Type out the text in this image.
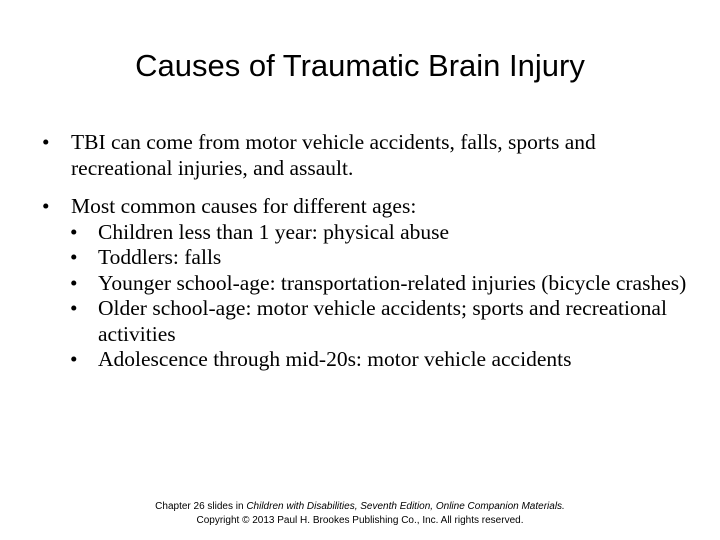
Causes of Traumatic Brain Injury
• TBI can come from motor vehicle accidents, falls, sports and recreational injuries, and assault.
• Most common causes for different ages:
• Children less than 1 year: physical abuse
• Toddlers: falls
• Younger school-age: transportation-related injuries (bicycle crashes)
• Older school-age: motor vehicle accidents; sports and recreational activities
• Adolescence through mid-20s: motor vehicle accidents
Chapter 26 slides in Children with Disabilities, Seventh Edition, Online Companion Materials.
Copyright © 2013 Paul H. Brookes Publishing Co., Inc. All rights reserved.
